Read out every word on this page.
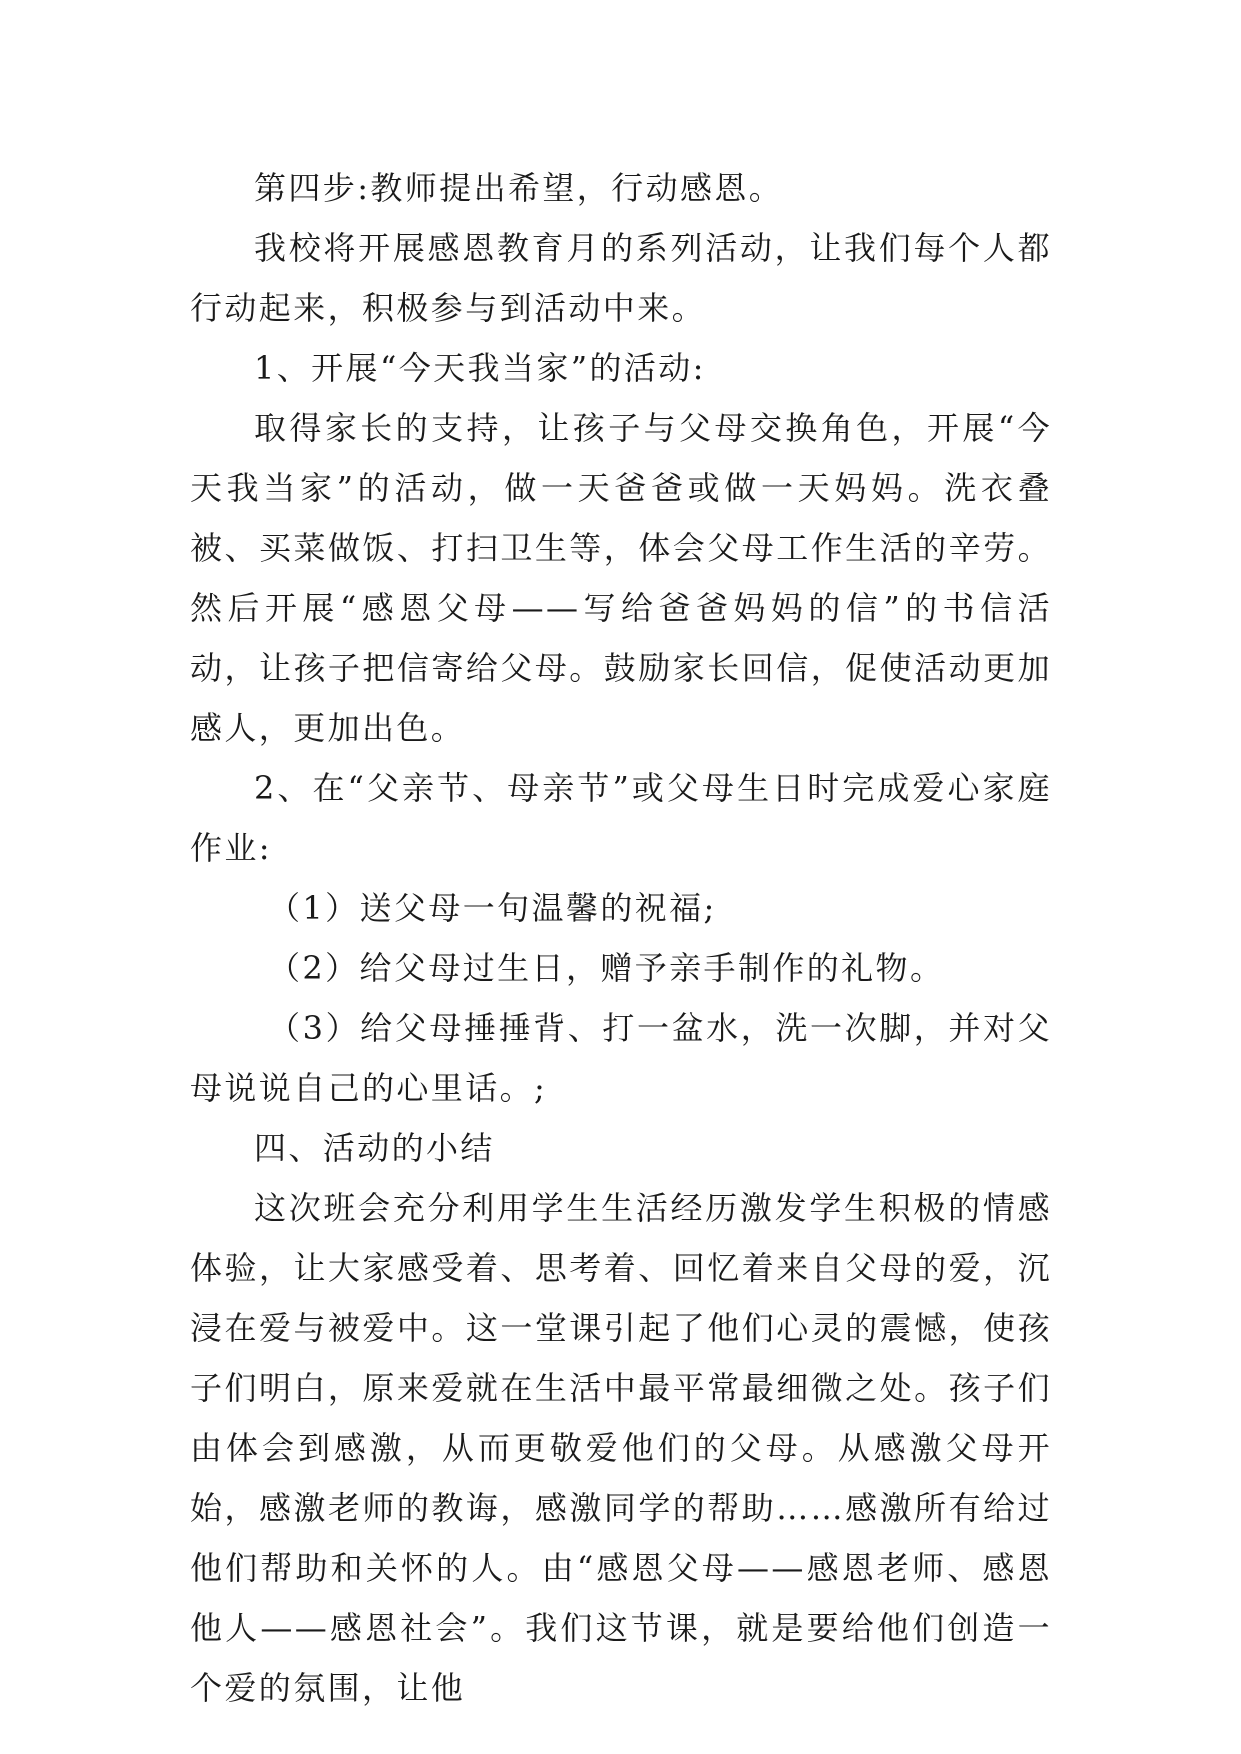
第四步:教师提出希望，行动感恩。

我校将开展感恩教育月的系列活动，让我们每个人都行动起来，积极参与到活动中来。

1、开展“今天我当家”的活动:

取得家长的支持，让孩子与父母交换角色，开展“今天我当家”的活动，做一天爸爸或做一天妈妈。洗衣叠被、买菜做饭、打扫卫生等，体会父母工作生活的辛劳。然后开展“感恩父母——写给爸爸妈妈的信”的书信活动，让孩子把信寄给父母。鼓励家长回信，促使活动更加感人，更加出色。

2、在“父亲节、母亲节”或父母生日时完成爱心家庭作业:

（1）送父母一句温馨的祝福;

（2）给父母过生日，赠予亲手制作的礼物。

（3）给父母捶捶背、打一盆水，洗一次脚，并对父母说说自己的心里话。;

四、活动的小结

这次班会充分利用学生生活经历激发学生积极的情感体验，让大家感受着、思考着、回忆着来自父母的爱，沉浸在爱与被爱中。这一堂课引起了他们心灵的震憾，使孩子们明白，原来爱就在生活中最平常最细微之处。孩子们由体会到感激，从而更敬爱他们的父母。从感激父母开始，感激老师的教诲，感激同学的帮助……感激所有给过他们帮助和关怀的人。由“感恩父母——感恩老师、感恩他人——感恩社会”。我们这节课，就是要给他们创造一个爱的氛围，让他
